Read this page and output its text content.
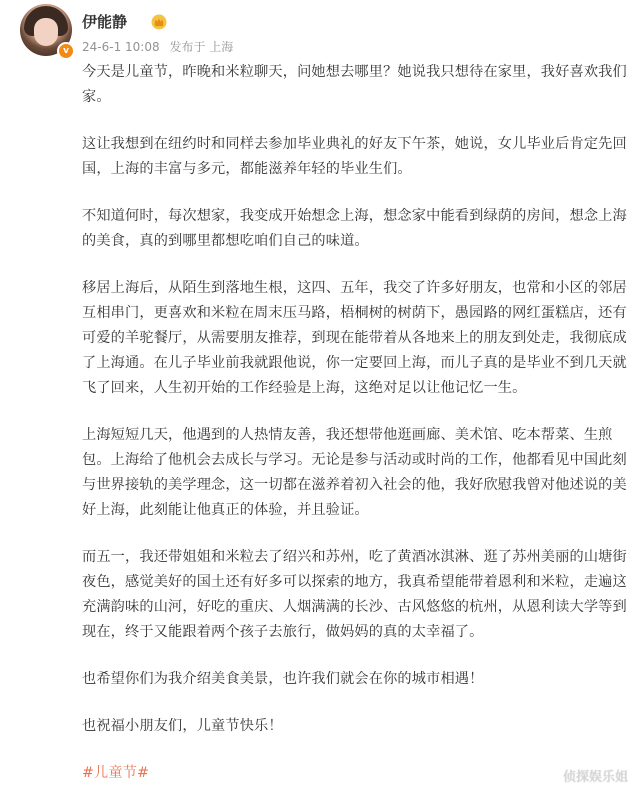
v
伊能静
24-6-1 10:08 发布于 上海

今天是儿童节，昨晚和米粒聊天，问她想去哪里？她说我只想待在家里，我好喜欢我们家。

这让我想到在纽约时和同样去参加毕业典礼的好友下午茶，她说，女儿毕业后肯定先回国，上海的丰富与多元，都能滋养年轻的毕业生们。

不知道何时，每次想家，我变成开始想念上海，想念家中能看到绿荫的房间，想念上海的美食，真的到哪里都想吃咱们自己的味道。

移居上海后，从陌生到落地生根，这四、五年，我交了许多好朋友，也常和小区的邻居互相串门，更喜欢和米粒在周末压马路，梧桐树的树荫下，愚园路的网红蛋糕店，还有可爱的羊驼餐厅，从需要朋友推荐，到现在能带着从各地来上的朋友到处走，我彻底成了上海通。在儿子毕业前我就跟他说，你一定要回上海，而儿子真的是毕业不到几天就飞了回来，人生初开始的工作经验是上海，这绝对足以让他记忆一生。

上海短短几天，他遇到的人热情友善，我还想带他逛画廊、美术馆、吃本帮菜、生煎包。上海给了他机会去成长与学习。无论是参与活动或时尚的工作，他都看见中国此刻与世界接轨的美学理念，这一切都在滋养着初入社会的他，我好欣慰我曾对他述说的美好上海，此刻能让他真正的体验，并且验证。

而五一，我还带姐姐和米粒去了绍兴和苏州，吃了黄酒冰淇淋、逛了苏州美丽的山塘街夜色，感觉美好的国土还有好多可以探索的地方，我真希望能带着恩利和米粒，走遍这充满韵味的山河，好吃的重庆、人烟满满的长沙、古风悠悠的杭州，从恩利读大学等到现在，终于又能跟着两个孩子去旅行，做妈妈的真的太幸福了。

也希望你们为我介绍美食美景，也许我们就会在你的城市相遇！

也祝福小朋友们，儿童节快乐！

#儿童节#	侦探娱乐姐
